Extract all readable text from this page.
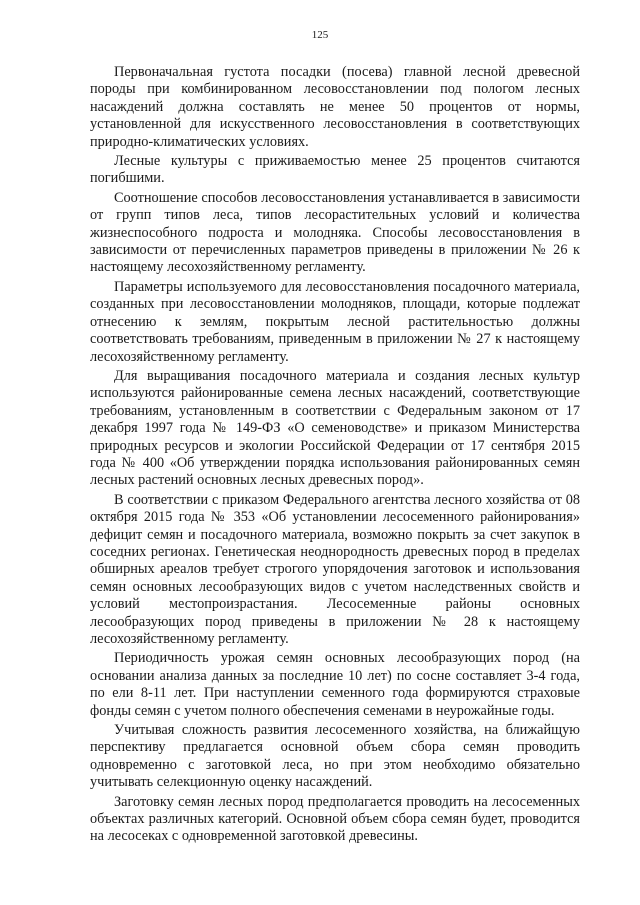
125

Первоначальная густота посадки (посева) главной лесной древесной породы при комбинированном лесовосстановлении под пологом лесных насаждений должна составлять не менее 50 процентов от нормы, установленной для искусственного лесовосстановления в соответствующих природно-климатических условиях.

Лесные культуры с приживаемостью менее 25 процентов считаются погибшими.

Соотношение способов лесовосстановления устанавливается в зависимости от групп типов леса, типов лесорастительных условий и количества жизнеспособного подроста и молодняка. Способы лесовосстановления в зависимости от перечисленных параметров приведены в приложении № 26 к настоящему лесохозяйственному регламенту.

Параметры используемого для лесовосстановления посадочного материала, созданных при лесовосстановлении молодняков, площади, которые подлежат отнесению к землям, покрытым лесной растительностью должны соответствовать требованиям, приведенным в приложении № 27 к настоящему лесохозяйственному регламенту.

Для выращивания посадочного материала и создания лесных культур используются районированные семена лесных насаждений, соответствующие требованиям, установленным в соответствии с Федеральным законом от 17 декабря 1997 года № 149-ФЗ «О семеноводстве» и приказом Министерства природных ресурсов и экологии Российской Федерации от 17 сентября 2015 года № 400 «Об утверждении порядка использования районированных семян лесных растений основных лесных древесных пород».

В соответствии с приказом Федерального агентства лесного хозяйства от 08 октября 2015 года № 353 «Об установлении лесосеменного районирования» дефицит семян и посадочного материала, возможно покрыть за счет закупок в соседних регионах. Генетическая неоднородность древесных пород в пределах обширных ареалов требует строгого упорядочения заготовок и использования семян основных лесообразующих видов с учетом наследственных свойств и условий местопроизрастания. Лесосеменные районы основных лесообразующих пород приведены в приложении № 28 к настоящему лесохозяйственному регламенту.

Периодичность урожая семян основных лесообразующих пород (на основании анализа данных за последние 10 лет) по сосне составляет 3-4 года, по ели 8-11 лет. При наступлении семенного года формируются страховые фонды семян с учетом полного обеспечения семенами в неурожайные годы.

Учитывая сложность развития лесосеменного хозяйства, на ближайщую перспективу предлагается основной объем сбора семян проводить одновременно с заготовкой леса, но при этом необходимо обязательно учитывать селекционную оценку насаждений.

Заготовку семян лесных пород предполагается проводить на лесосеменных объектах различных категорий. Основной объем сбора семян будет, проводится на лесосеках с одновременной заготовкой древесины.
